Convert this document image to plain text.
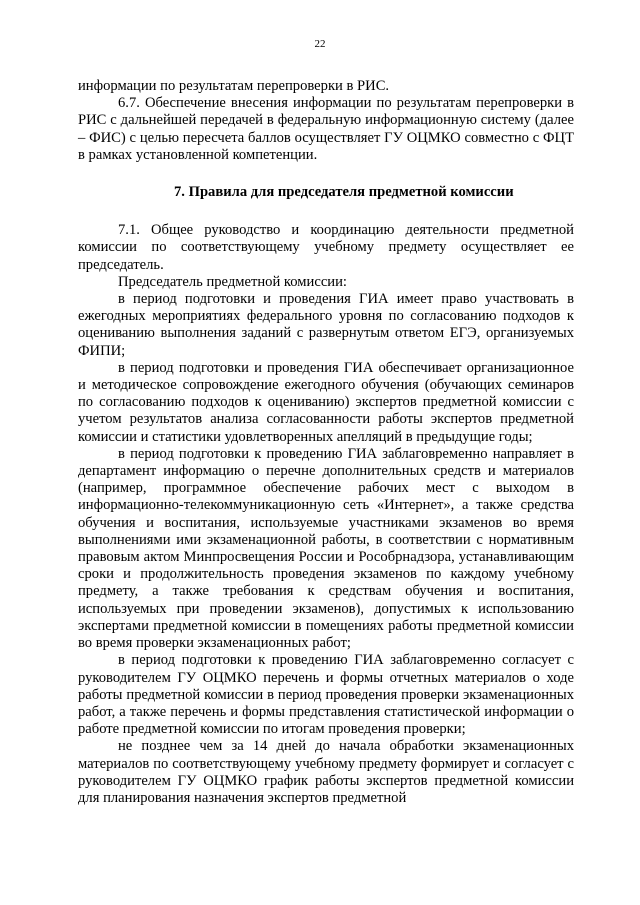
22

информации по результатам перепроверки в РИС.

6.7. Обеспечение внесения информации по результатам перепроверки в РИС с дальнейшей передачей в федеральную информационную систему (далее – ФИС) с целью пересчета баллов осуществляет ГУ ОЦМКО совместно с ФЦТ в рамках установленной компетенции.

7. Правила для председателя предметной комиссии

7.1. Общее руководство и координацию деятельности предметной комиссии по соответствующему учебному предмету осуществляет ее председатель.

Председатель предметной комиссии:

в период подготовки и проведения ГИА имеет право участвовать в ежегодных мероприятиях федерального уровня по согласованию подходов к оцениванию выполнения заданий с развернутым ответом ЕГЭ, организуемых ФИПИ;

в период подготовки и проведения ГИА обеспечивает организационное и методическое сопровождение ежегодного обучения (обучающих семинаров по согласованию подходов к оцениванию) экспертов предметной комиссии с учетом результатов анализа согласованности работы экспертов предметной комиссии и статистики удовлетворенных апелляций в предыдущие годы;

в период подготовки к проведению ГИА заблаговременно направляет в департамент информацию о перечне дополнительных средств и материалов (например, программное обеспечение рабочих мест с выходом в информационно-телекоммуникационную сеть «Интернет», а также средства обучения и воспитания, используемые участниками экзаменов во время выполнениями ими экзаменационной работы, в соответствии с нормативным правовым актом Минпросвещения России и Рособрнадзора, устанавливающим сроки и продолжительность проведения экзаменов по каждому учебному предмету, а также требования к средствам обучения и воспитания, используемых при проведении экзаменов), допустимых к использованию экспертами предметной комиссии в помещениях работы предметной комиссии во время проверки экзаменационных работ;

в период подготовки к проведению ГИА заблаговременно согласует с руководителем ГУ ОЦМКО перечень и формы отчетных материалов о ходе работы предметной комиссии в период проведения проверки экзаменационных работ, а также перечень и формы представления статистической информации о работе предметной комиссии по итогам проведения проверки;

не позднее чем за 14 дней до начала обработки экзаменационных материалов по соответствующему учебному предмету формирует и согласует с руководителем ГУ ОЦМКО график работы экспертов предметной комиссии для планирования назначения экспертов предметной
